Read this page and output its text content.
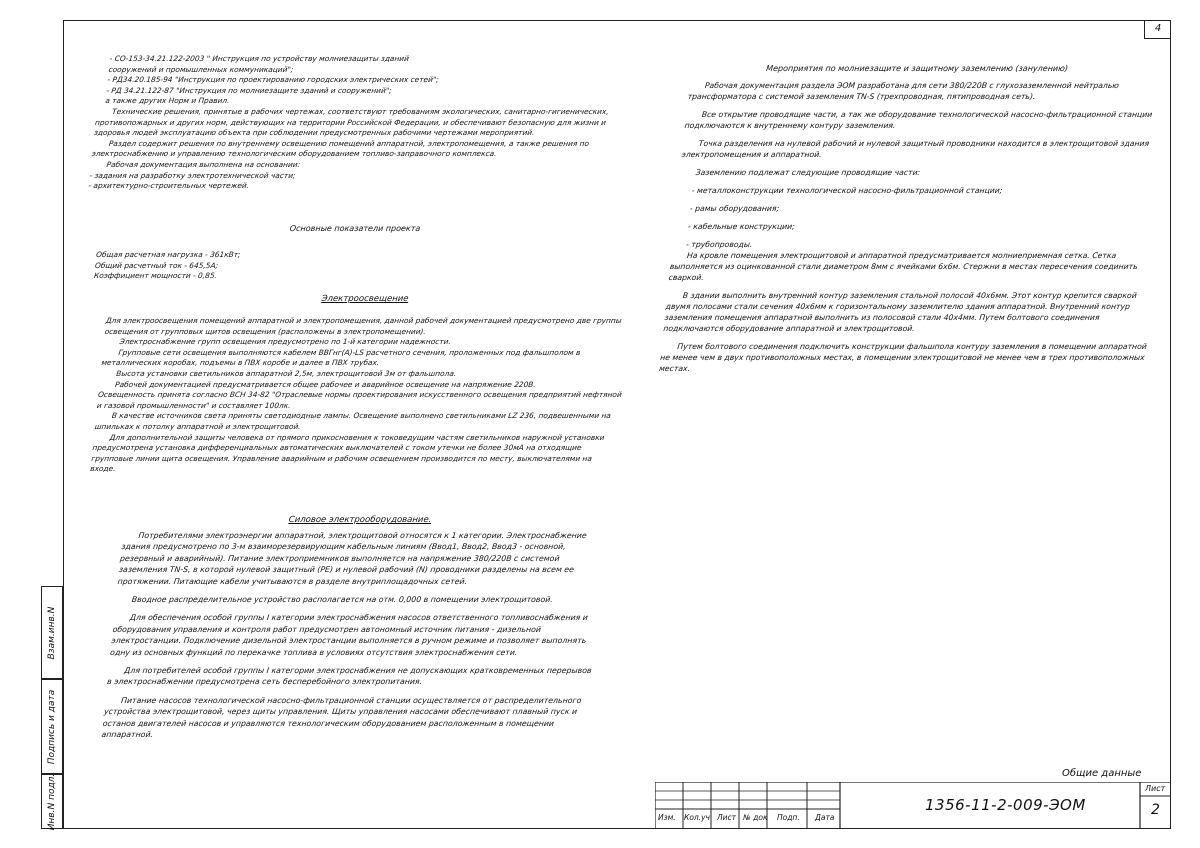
4
Взам.инв.N
Подпись и дата
Инв.N подл.

- СО-153-34.21.122-2003 " Инструкция по устройству молниезащиты зданий

сооружений и промышленных коммуникаций";

- РД34.20.185-94 "Инструкция по проектированию городских электрических сетей";

- РД 34.21.122-87 "Инструкция по молниезащите зданий и сооружений";

а также других Норм и Правил.

Технические решения, принятые в рабочих чертежах, соответствуют требованиям экологических, санитарно-гигиенических, противопожарных и других норм, действующих на территории Российской Федерации, и обеспечивают безопасную для жизни и здоровья людей эксплуатацию объекта при соблюдении предусмотренных рабочими чертежами мероприятий.

Раздел содержит решения по внутреннему освещению помещений аппаратной, электропомещения, а также решения по электроснабжению и управлению технологическим оборудованием топливо-заправочного комплекса.

Рабочая документация выполнена на основании:

- задания на разработку электротехнической части;

- архитектурно-строительных чертежей.

Основные показатели проекта

Общая расчетная нагрузка - 361кВт;

Общий расчетный ток - 645,5А;

Коэффициент мощности - 0,85.

Электроосвещение

Для электроосвещения помещений аппаратной и электропомещения, данной рабочей документацией предусмотрено две группы освещения от групповых щитов освещения (расположены в электропомещении).

Электроснабжение групп освещения предусмотрено по 1-й категории надежности.

Групповые сети освещения выполняются кабелем ВВГнг(А)-LS расчетного сечения, проложенных под фальшполом в металлических коробах, подъемы в ПВХ коробе и далее в ПВХ трубах.

Высота установки светильников аппаратной 2,5м, электрощитовой 3м от фальшпола.

Рабочей документацией предусматривается общее рабочее и аварийное освещение на напряжение 220В.

Освещенность принята согласно ВСН 34-82 "Отраслевые нормы проектирования искусственного освещения предприятий нефтяной и газовой промышленности" и составляет 100лк.

В качестве источников света приняты светодиодные лампы. Освещение выполнено светильниками LZ 236, подвешенными на шпильках к потолку аппаратной и электрощитовой.

Для дополнительной защиты человека от прямого прикосновения к токоведущим частям светильников наружной установки предусмотрена установка дифференциальных автоматических выключателей с током утечки не более 30мА на отходящие групповые линии щита освещения. Управление аварийным и рабочим освещением производится по месту, выключателями на входе.

Силовое электрооборудование.

Потребителями электроэнергии аппаратной, электрощитовой относятся к 1 категории. Электроснабжение здания предусмотрено по 3-м взаиморезервирующим кабельным линиям (Ввод1, Ввод2, Ввод3 - основной, резервный и аварийный). Питание электроприемников выполняется на напряжение 380/220В с системой заземления TN-S, в которой нулевой защитный (PE) и нулевой рабочий (N) проводники разделены на всем ее протяжении. Питающие кабели учитываются в разделе внутриплощадочных сетей.

Вводное распределительное устройство располагается на отм. 0,000 в помещении электрощитовой.

Для обеспечения особой группы I категории электроснабжения насосов ответственного топливоснабжения и оборудования управления и контроля работ предусмотрен автономный источник питания - дизельной электростанции. Подключение дизельной электростанции выполняется в ручном режиме и позволяет выполнять одну из основных функций по перекачке топлива в условиях отсутствия электроснабжения сети.

Для потребителей особой группы I категории электроснабжения не допускающих кратковременных перерывов в электроснабжении предусмотрена сеть бесперебойного электропитания.

Питание насосов технологической насосно-фильтрационной станции осуществляется от распределительного устройства электрощитовой, через щиты управления. Щиты управления насосами обеспечивают плавный пуск и останов двигателей насосов и управляются технологическим оборудованием расположенным в помещении аппаратной.

Мероприятия по молниезащите и защитному заземлению (занулению)

Рабочая документация раздела ЭОМ разработана для сети 380/220В с глухозаземленной нейтралью трансформатора с системой заземления TN-S (трехпроводная, пятипроводная сеть).

Все открытие проводящие части, а так же оборудование технологической насосно-фильтрационной станции подключаются к внутреннему контуру заземления.

Точка разделения на нулевой рабочий и нулевой защитный проводники находится в электрощитовой здания электропомещения и аппаратной.

Заземлению подлежат следующие проводящие части:

- металлоконструкции технологической насосно-фильтрационной станции;

- рамы оборудования;

- кабельные конструкции;

- трубопроводы.

На кровле помещения электрощитовой и аппаратной предусматривается молниеприемная сетка. Сетка выполняется из оцинкованной стали диаметром 8мм с ячейками 6х6м. Стержни в местах пересечения соединить сваркой.

В здании выполнить внутренний контур заземления стальной полосой 40х6мм. Этот контур крепится сваркой двумя полосами стали сечения 40х6мм к горизонтальному заземлителю здания аппаратной. Внутренний контур заземления помещения аппаратной выполнить из полосовой стали 40х4мм. Путем болтового соединения подключаются оборудование аппаратной и электрощитовой.

Путем болтового соединения подключить конструкции фальшпола контуру заземления в помещении аппаратной не менее чем в двух противоположных местах, в помещении электрощитовой не менее чем в трех противоположных местах.

Общие данные
Изм. Кол.уч Лист № док Подп. Дата
1356-11-2-009-ЭОМ
Лист
2
